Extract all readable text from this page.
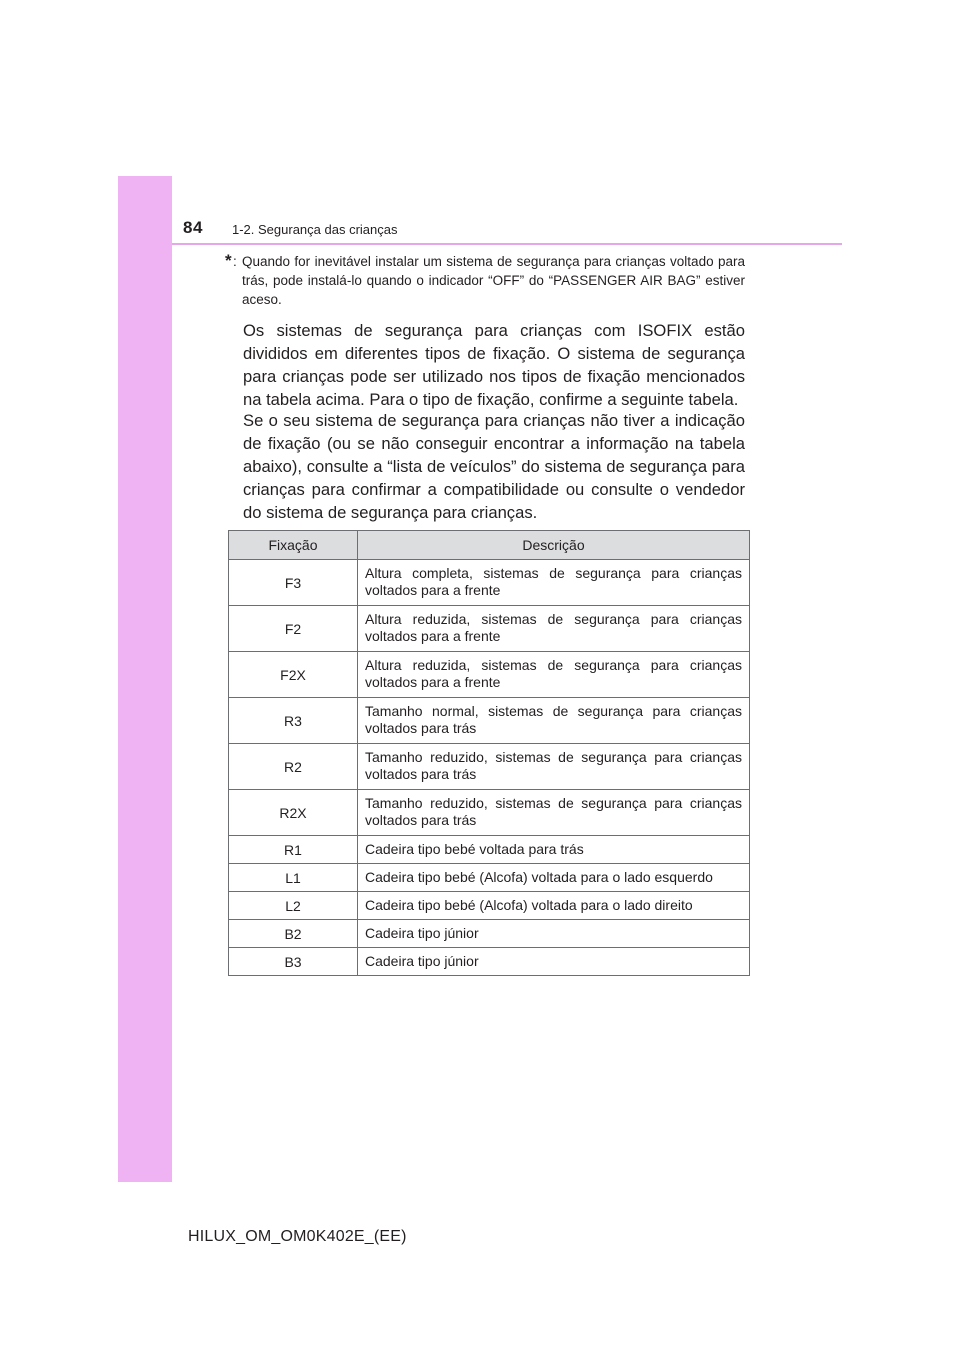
84 1-2. Segurança das crianças
* : Quando for inevitável instalar um sistema de segurança para crianças voltado para trás, pode instalá-lo quando o indicador “OFF” do “PASSENGER AIR BAG” estiver aceso.

Os sistemas de segurança para crianças com ISOFIX estão divididos em diferentes tipos de fixação. O sistema de segurança para crianças pode ser utilizado nos tipos de fixação mencionados na tabela acima. Para o tipo de fixação, confirme a seguinte tabela.

Se o seu sistema de segurança para crianças não tiver a indicação de fixação (ou se não conseguir encontrar a informação na tabela abaixo), consulte a “lista de veículos” do sistema de segurança para crianças para confirmar a compatibilidade ou consulte o vendedor do sistema de segurança para crianças.

Fixação	Descrição
F3	Altura completa, sistemas de segurança para crianças voltados para a frente
F2	Altura reduzida, sistemas de segurança para crianças voltados para a frente
F2X	Altura reduzida, sistemas de segurança para crianças voltados para a frente
R3	Tamanho normal, sistemas de segurança para crianças voltados para trás
R2	Tamanho reduzido, sistemas de segurança para crianças voltados para trás
R2X	Tamanho reduzido, sistemas de segurança para crianças voltados para trás
R1	Cadeira tipo bebé voltada para trás
L1	Cadeira tipo bebé (Alcofa) voltada para o lado esquerdo
L2	Cadeira tipo bebé (Alcofa) voltada para o lado direito
B2	Cadeira tipo júnior
B3	Cadeira tipo júnior
HILUX_OM_OM0K402E_(EE)
